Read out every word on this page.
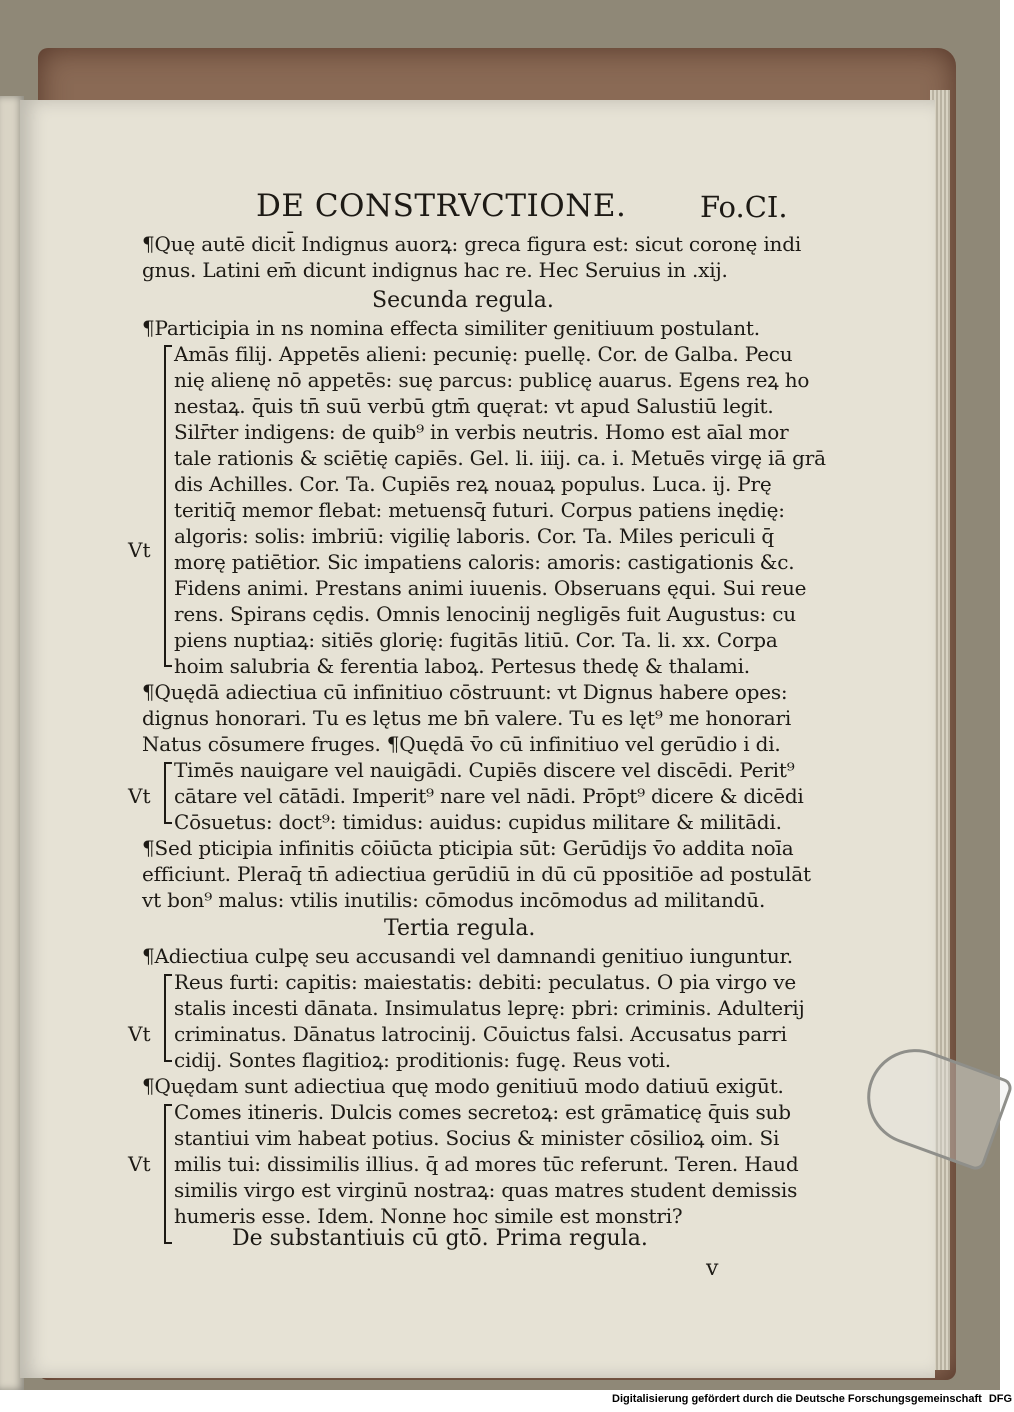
DE CONSTRVCTIONE.	Fo.CI.
¶Quę autē dicit̄ Indignus auorꝝ: greca figura est: sicut coronę indi
gnus. Latini em̄ dicunt indignus hac re. Hec Seruius in .xij.
Secunda regula.
¶Participia in ns nomina effecta similiter genitiuum postulant.
Vt
Amās filij. Appetēs alieni: pecunię: puellę. Cor. de Galba. Pecu
nię alienę nō appetēs: suę parcus: publicę auarus. Egens reꝝ ho
nestaꝝ. q̄uis tn̄ suū verbū gtm̄ quęrat: vt apud Salustiū legit.
Silr̄ter indigens: de quib⁹ in verbis neutris. Homo est aīal mor
tale rationis & sciētię capiēs. Gel. li. iiij. ca. i. Metuēs virgę iā grā
dis Achilles. Cor. Ta. Cupiēs reꝝ nouaꝝ populus. Luca. ij. Prę
teritiq̄ memor flebat: metuensq̄ futuri. Corpus patiens inędię:
algoris: solis: imbriū: vigilię laboris. Cor. Ta. Miles periculi q̄
morę patiētior. Sic impatiens caloris: amoris: castigationis &c.
Fidens animi. Prestans animi iuuenis. Obseruans ęqui. Sui reue
rens. Spirans cędis. Omnis lenocinij negligēs fuit Augustus: cu
piens nuptiaꝝ: sitiēs glorię: fugitās litiū. Cor. Ta. li. xx. Corpa
hoim salubria & ferentia laboꝝ. Pertesus thedę & thalami.
¶Quędā adiectiua cū infinitiuo cōstruunt: vt Dignus habere opes:
dignus honorari. Tu es lętus me bn̄ valere. Tu es lęt⁹ me honorari
Natus cōsumere fruges. ¶Quędā v̄o cū infinitiuo vel gerūdio i di.
Vt
Timēs nauigare vel nauigādi. Cupiēs discere vel discēdi. Perit⁹
cātare vel cātādi. Imperit⁹ nare vel nādi. Prōpt⁹ dicere & dicēdi
Cōsuetus: doct⁹: timidus: auidus: cupidus militare & militādi.
¶Sed pticipia infinitis cōiūcta pticipia sūt: Gerūdijs v̄o addita noīa
efficiunt. Pleraq̄ tn̄ adiectiua gerūdiū in dū cū ppositiōe ad postulāt
vt bon⁹ malus: vtilis inutilis: cōmodus incōmodus ad militandū.
Tertia regula.
¶Adiectiua culpę seu accusandi vel damnandi genitiuo iunguntur.
Vt
Reus furti: capitis: maiestatis: debiti: peculatus. O pia virgo ve
stalis incesti dānata. Insimulatus leprę: pbri: criminis. Adulterij
criminatus. Dānatus latrocinij. Cōuictus falsi. Accusatus parri
cidij. Sontes flagitioꝝ: proditionis: fugę. Reus voti.
¶Quędam sunt adiectiua quę modo genitiuū modo datiuū exigūt.
Vt
Comes itineris. Dulcis comes secretoꝝ: est grāmaticę q̄uis sub
stantiui vim habeat potius. Socius & minister cōsilioꝝ oim. Si
milis tui: dissimilis illius. q̄ ad mores tūc referunt. Teren. Haud
similis virgo est virginū nostraꝝ: quas matres student demissis
humeris esse. Idem. Nonne hoc simile est monstri?
De substantiuis cū gtō. Prima regula.
v
Digitalisierung gefördert durch die Deutsche Forschungsgemeinschaft DFG
